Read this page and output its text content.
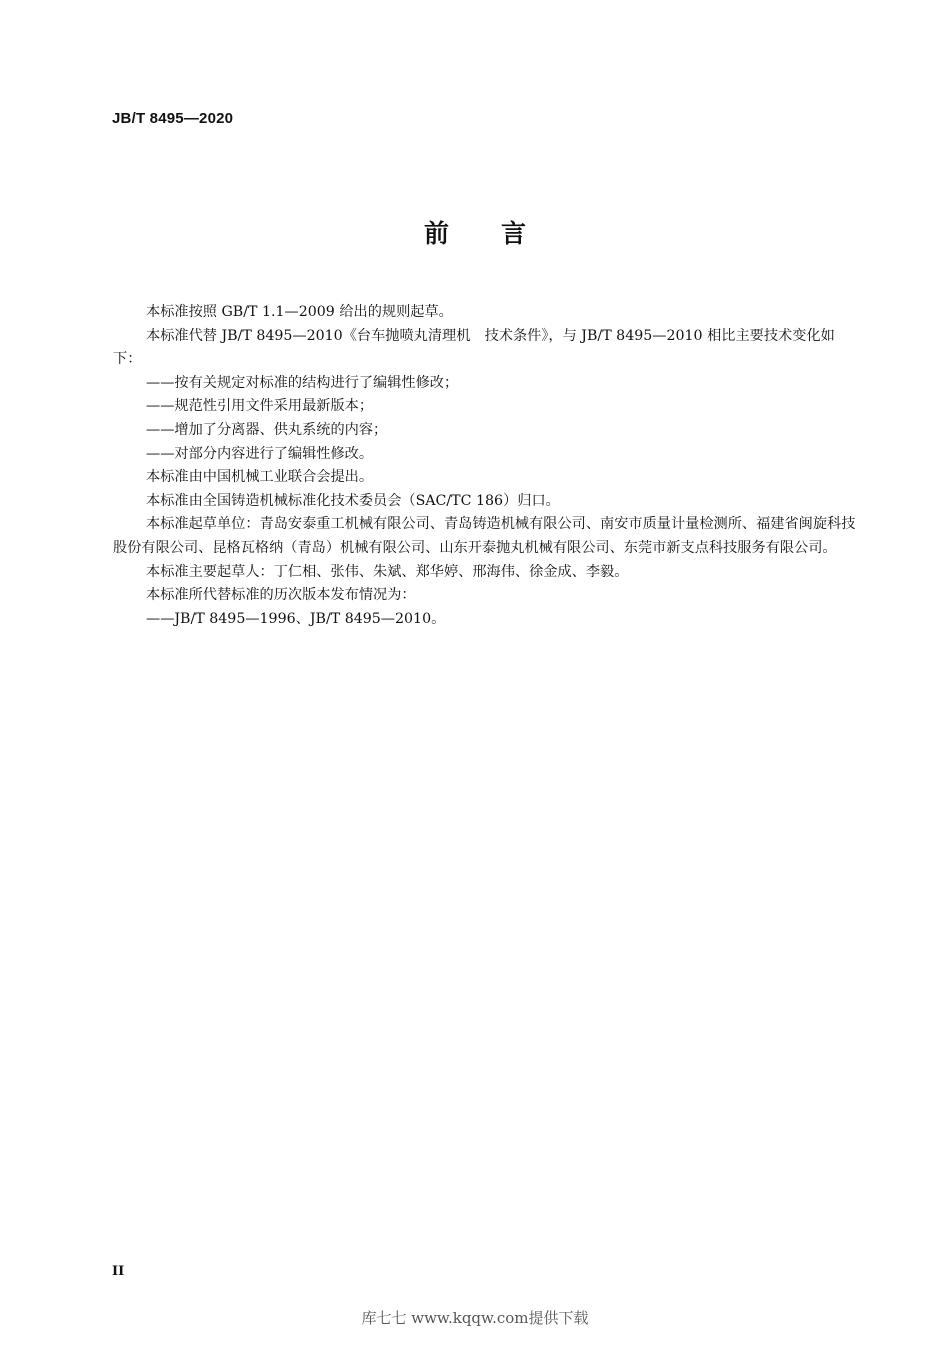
JB/T 8495—2020
前言

本标准按照 GB/T 1.1—2009 给出的规则起草。

本标准代替 JB/T 8495—2010《台车抛喷丸清理机　技术条件》，与 JB/T 8495—2010 相比主要技术变化如下：

——按有关规定对标准的结构进行了编辑性修改；

——规范性引用文件采用最新版本；

——增加了分离器、供丸系统的内容；

——对部分内容进行了编辑性修改。

本标准由中国机械工业联合会提出。

本标准由全国铸造机械标准化技术委员会（SAC/TC 186）归口。

本标准起草单位：青岛安泰重工机械有限公司、青岛铸造机械有限公司、南安市质量计量检测所、福建省闽旋科技股份有限公司、昆格瓦格纳（青岛）机械有限公司、山东开泰抛丸机械有限公司、东莞市新支点科技服务有限公司。

本标准主要起草人：丁仁相、张伟、朱斌、郑华婷、邢海伟、徐金成、李毅。

本标准所代替标准的历次版本发布情况为：

——JB/T 8495—1996、JB/T 8495—2010。

II
库七七 www.kqqw.com提供下载
